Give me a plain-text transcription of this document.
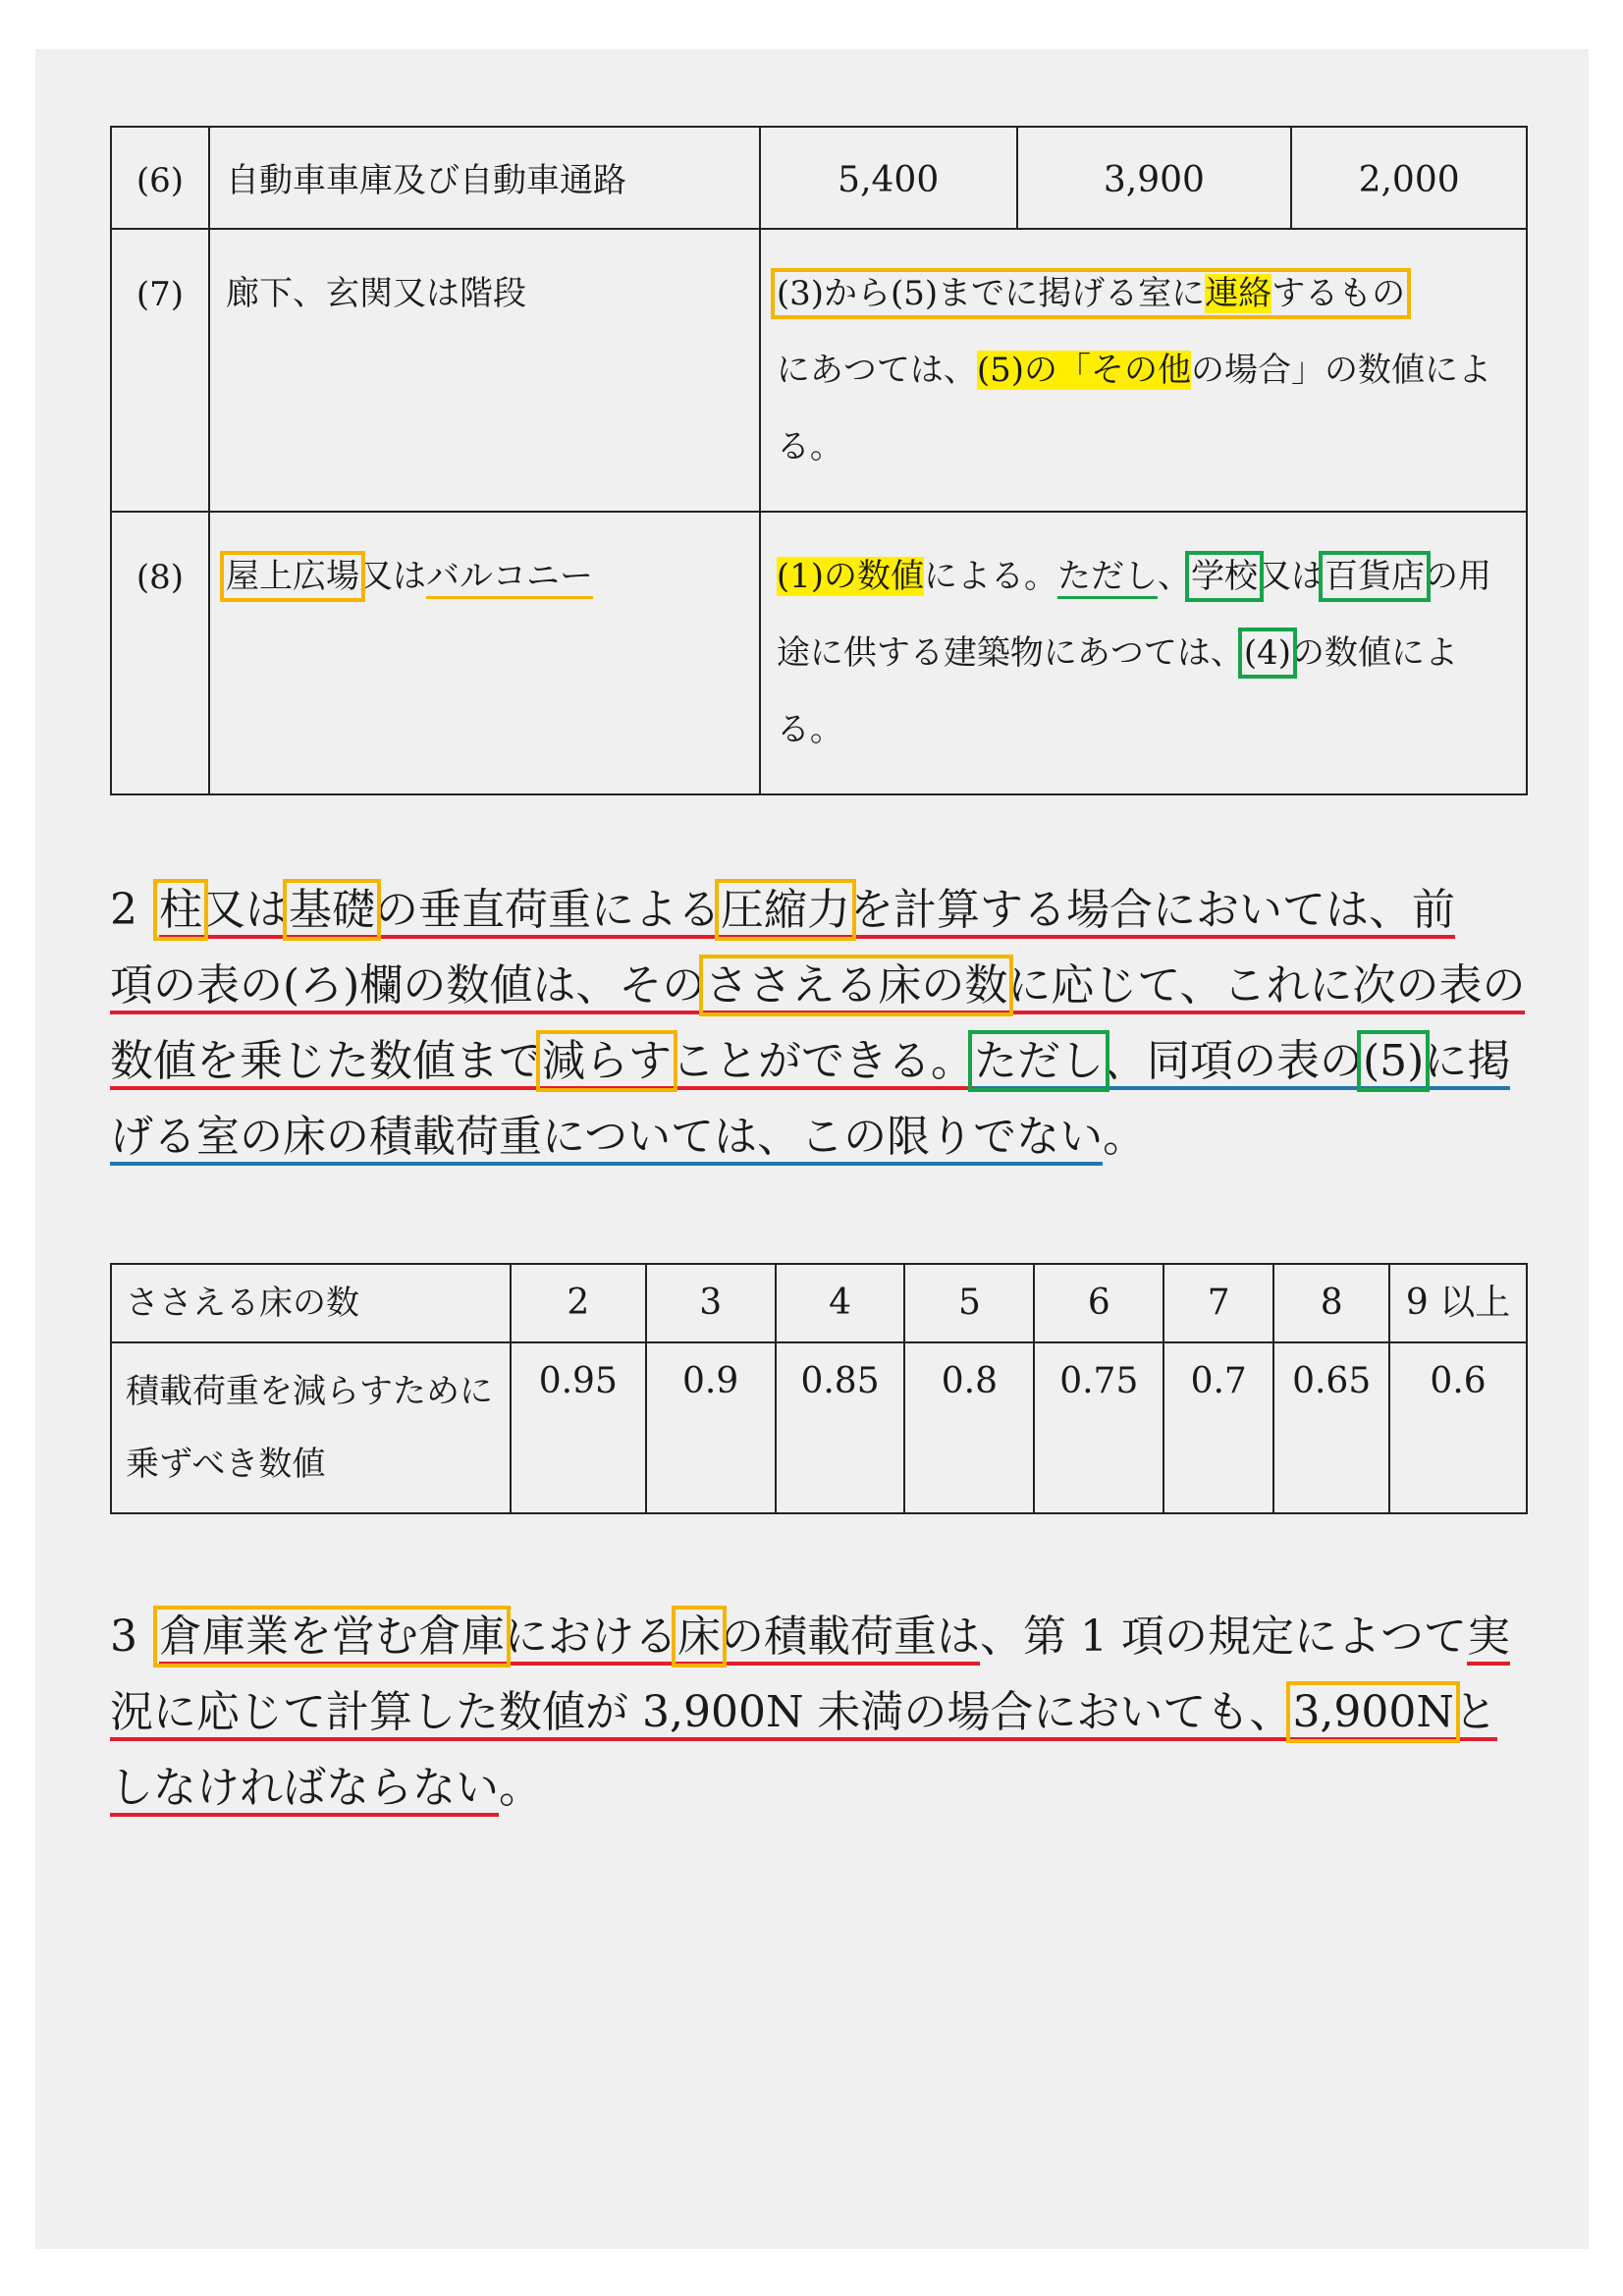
(6)	自動車車庫及び自動車通路	5,400	3,900	2,000
(7)	廊下、玄関又は階段	(3)から(5)までに掲げる室に連絡するもの
にあつては、(5)の「その他の場合」の数値による。		

(8)	屋上広場又はバルコニー	(1)の数値による。ただし、学校又は百貨店の用
途に供する建築物にあつては、(4)の数値による。		

2 柱又は基礎の垂直荷重による圧縮力を計算する場合においては、前
項の表の(ろ)欄の数値は、そのささえる床の数に応じて、これに次の表の
数値を乗じた数値まで減らすことができる。ただし、同項の表の(5)に掲
げる室の床の積載荷重については、この限りでない。

ささえる床の数	2	3	4	5	6	7	8	9 以上

積載荷重を減らすために
乗ずべき数値	0.95	0.9	0.85	0.8	0.75	0.7	0.65	0.6

3 倉庫業を営む倉庫における床の積載荷重は、第 1 項の規定によつて実
況に応じて計算した数値が 3,900N 未満の場合においても、3,900Nと
しなければならない。
